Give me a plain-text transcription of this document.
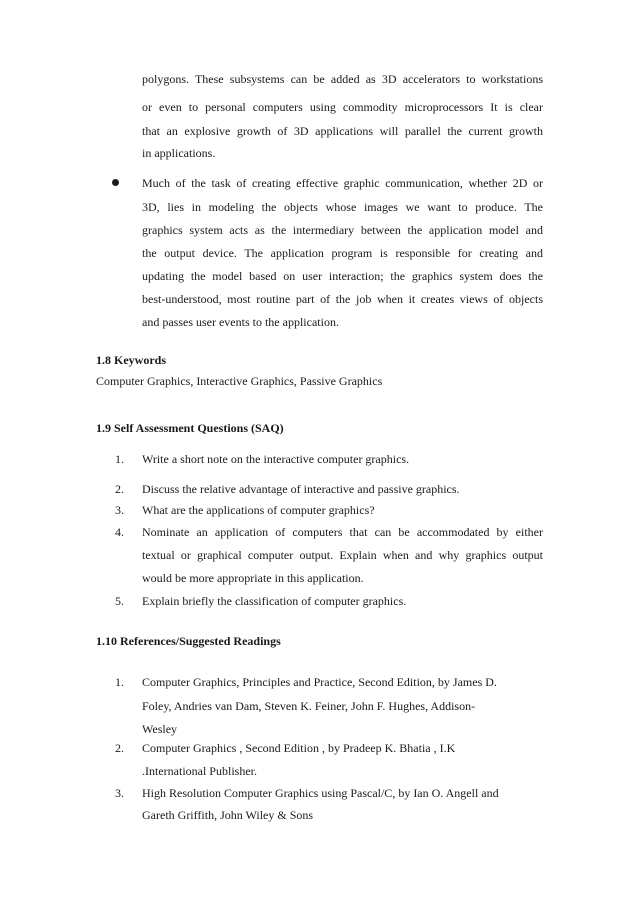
polygons. These subsystems can be added as 3D accelerators to workstations
or even to personal computers using commodity microprocessors It is clear
that an explosive growth of 3D applications will parallel the current growth
in applications.
Much of the task of creating effective graphic communication, whether 2D or
3D, lies in modeling the objects whose images we want to produce. The
graphics system acts as the intermediary between the application model and
the output device. The application program is responsible for creating and
updating the model based on user interaction; the graphics system does the
best-understood, most routine part of the job when it creates views of objects
and passes user events to the application.
1.8 Keywords
Computer Graphics, Interactive Graphics, Passive Graphics
1.9 Self Assessment Questions (SAQ)
1. Write a short note on the interactive computer graphics.
2. Discuss the relative advantage of interactive and passive graphics.
3. What are the applications of computer graphics?
4. Nominate an application of computers that can be accommodated by either
textual or graphical computer output. Explain when and why graphics output
would be more appropriate in this application.
5. Explain briefly the classification of computer graphics.
1.10 References/Suggested Readings
1. Computer Graphics, Principles and Practice, Second Edition, by James D.
Foley, Andries van Dam, Steven K. Feiner, John F. Hughes, Addison-
Wesley
2. Computer Graphics , Second Edition , by Pradeep K. Bhatia , I.K
.International Publisher.
3. High Resolution Computer Graphics using Pascal/C, by Ian O. Angell and
Gareth Griffith, John Wiley & Sons
